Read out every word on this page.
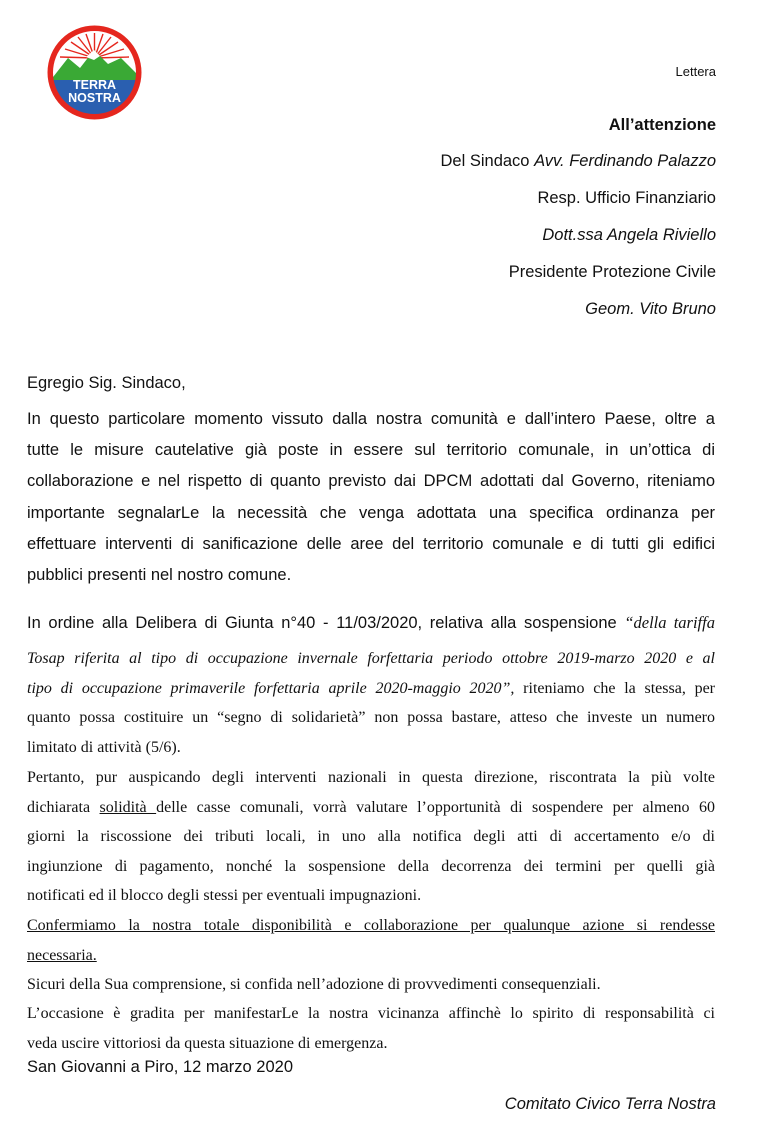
TERRA
NOSTRA
Lettera
All’attenzione
Del Sindaco Avv. Ferdinando Palazzo
Resp. Ufficio Finanziario
Dott.ssa Angela Riviello
Presidente Protezione Civile
Geom. Vito Bruno
Egregio Sig. Sindaco,
In questo particolare momento vissuto dalla nostra comunità e dall’intero Paese, oltre a
tutte le misure cautelative già poste in essere sul territorio comunale, in un’ottica di
collaborazione e nel rispetto di quanto previsto dai DPCM adottati dal Governo, riteniamo
importante segnalarLe la necessità che venga adottata una specifica ordinanza per
effettuare interventi di sanificazione delle aree del territorio comunale e di tutti gli edifici
pubblici presenti nel nostro comune.
In ordine alla Delibera di Giunta n°40 - 11/03/2020, relativa alla sospensione “della tariffa
Tosap riferita al tipo di occupazione invernale forfettaria periodo ottobre 2019-marzo 2020 e al
tipo di occupazione primaverile forfettaria aprile 2020-maggio 2020”, riteniamo che la stessa, per
quanto possa costituire un “segno di solidarietà” non possa bastare, atteso che investe un numero
limitato di attività (5/6).
Pertanto, pur auspicando degli interventi nazionali in questa direzione, riscontrata la più volte
dichiarata solidità delle casse comunali, vorrà valutare l’opportunità di sospendere per almeno 60
giorni la riscossione dei tributi locali, in uno alla notifica degli atti di accertamento e/o di
ingiunzione di pagamento, nonché la sospensione della decorrenza dei termini per quelli già
notificati ed il blocco degli stessi per eventuali impugnazioni.
Confermiamo la nostra totale disponibilità e collaborazione per qualunque azione si rendesse
necessaria.
Sicuri della Sua comprensione, si confida nell’adozione di provvedimenti consequenziali.
L’occasione è gradita per manifestarLe la nostra vicinanza affinchè lo spirito di responsabilità ci
veda uscire vittoriosi da questa situazione di emergenza.
San Giovanni a Piro, 12 marzo 2020
Comitato Civico Terra Nostra
